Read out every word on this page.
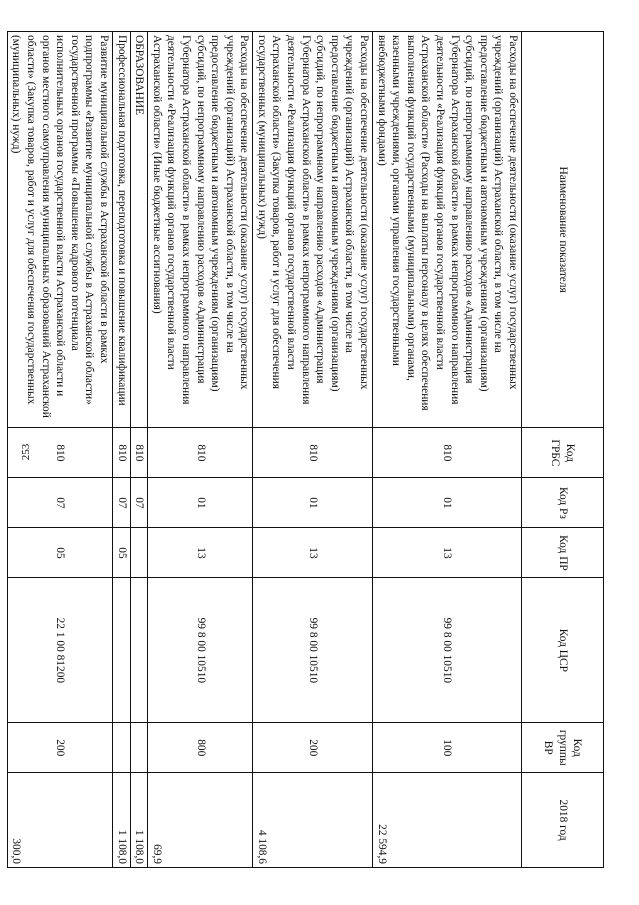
253
Наименование показателя	Код ГРБС	Код Рз	Код ПР	Код ЦСР	Код группы ВР	2018 год
Расходы на обеспечение деятельности (оказание услуг) государственных учреждений (организаций) Астраханской области, в том числе на предоставление бюджетным и автономным учреждениям (организациям) субсидий, по непрограммному направлению расходов «Администрация Губернатора Астраханской области» в рамках непрограммного направления деятельности «Реализация функций органов государственной власти Астраханской области» (Расходы на выплаты персоналу в целях обеспечения выполнения функций государственными (муниципальными) органами, казенными учреждениями, органами управления государственными внебюджетными фондами)	810	01	13	99 8 00 10510	100	22 594,9
Расходы на обеспечение деятельности (оказание услуг) государственных учреждений (организаций) Астраханской области, в том числе на предоставление бюджетным и автономным учреждениям (организациям) субсидий, по непрограммному направлению расходов «Администрация Губернатора Астраханской области» в рамках непрограммного направления деятельности «Реализация функций органов государственной власти Астраханской области» (Закупка товаров, работ и услуг для обеспечения государственных (муниципальных) нужд)	810	01	13	99 8 00 10510	200	4 108,6
Расходы на обеспечение деятельности (оказание услуг) государственных учреждений (организаций) Астраханской области, в том числе на предоставление бюджетным и автономным учреждениям (организациям) субсидий, по непрограммному направлению расходов «Администрация Губернатора Астраханской области» в рамках непрограммного направления деятельности «Реализация функций органов государственной власти Астраханской области» (Иные бюджетные ассигнования)	810	01	13	99 8 00 10510	800	69,9
ОБРАЗОВАНИЕ	810	07				1 108,0
Профессиональная подготовка, переподготовка и повышение квалификации	810	07	05			1 108,0
Развитие муниципальной службы в Астраханской области в рамках подпрограммы «Развитие муниципальной службы в Астраханской области» государственной программы «Повышение кадрового потенциала исполнительных органов государственной власти Астраханской области и органов местного самоуправления муниципальных образований Астраханской области» (Закупка товаров, работ и услуг для обеспечения государственных (муниципальных) нужд)	810	07	05	22 1 00 81200	200	300,0
